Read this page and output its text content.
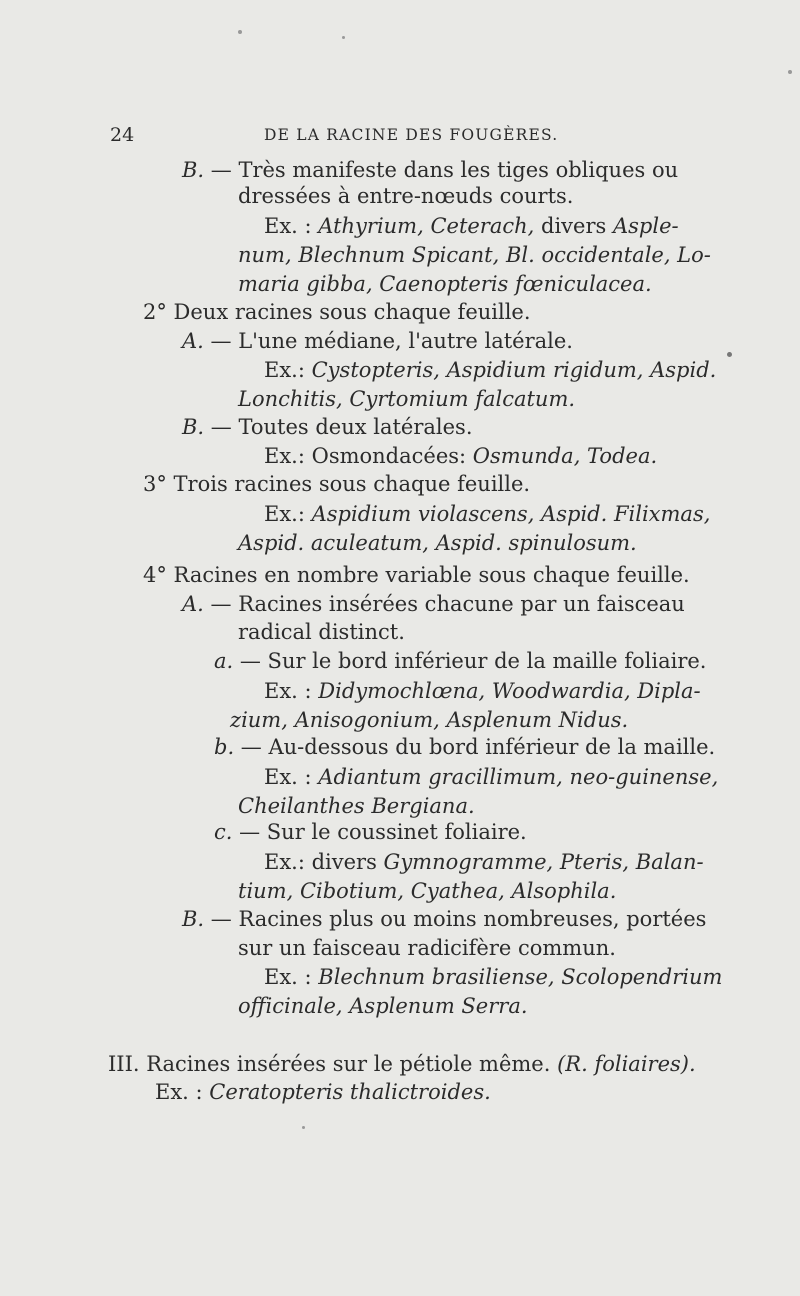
24	DE LA RACINE DES FOUGÈRES.
B. — Très manifeste dans les tiges obliques ou
dressées à entre-nœuds courts.
Ex. : Athyrium, Ceterach, divers Asple-
num, Blechnum Spicant, Bl. occidentale, Lo-
maria gibba, Caenopteris fœniculacea.
2° Deux racines sous chaque feuille.
A. — L'une médiane, l'autre latérale.
Ex.: Cystopteris, Aspidium rigidum, Aspid.
Lonchitis, Cyrtomium falcatum.
B. — Toutes deux latérales.
Ex.: Osmondacées: Osmunda, Todea.
3° Trois racines sous chaque feuille.
Ex.: Aspidium violascens, Aspid. Filixmas,
Aspid. aculeatum, Aspid. spinulosum.
4° Racines en nombre variable sous chaque feuille.
A. — Racines insérées chacune par un faisceau
radical distinct.
a. — Sur le bord inférieur de la maille foliaire.
Ex. : Didymochlœna, Woodwardia, Dipla-
zium, Anisogonium, Asplenum Nidus.
b. — Au-dessous du bord inférieur de la maille.
Ex. : Adiantum gracillimum, neo-guinense,
Cheilanthes Bergiana.
c. — Sur le coussinet foliaire.
Ex.: divers Gymnogramme, Pteris, Balan-
tium, Cibotium, Cyathea, Alsophila.
B. — Racines plus ou moins nombreuses, portées
sur un faisceau radicifère commun.
Ex. : Blechnum brasiliense, Scolopendrium
officinale, Asplenum Serra.
III. Racines insérées sur le pétiole même. (R. foliaires).
Ex. : Ceratopteris thalictroides.
